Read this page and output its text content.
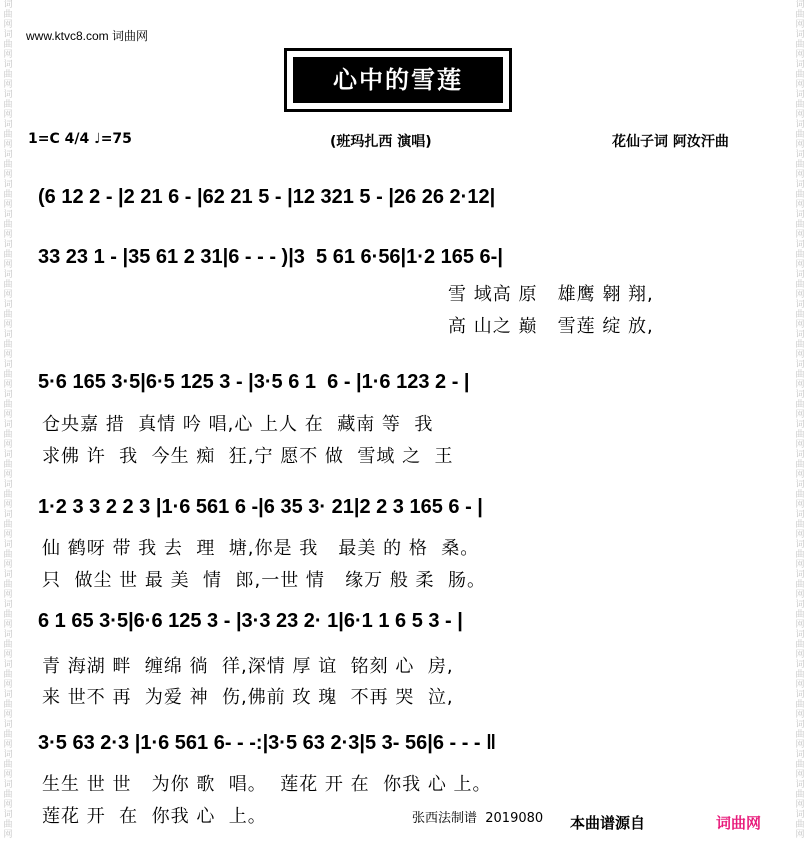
词
曲
网
词
曲
网
词
曲
网
词
曲
网
词
曲
网
词
曲
网
词
曲
网
词
曲
网
词
曲
网
词
曲
网
词
曲
网
词
曲
网
词
曲
网
词
曲
网
词
曲
网
词
曲
网
词
曲
网
词
曲
网
词
曲
网
词
曲
网
词
曲
网
词
曲
网
词
曲
网
词
曲
网
词
曲
网
词
曲
网
词
曲
网
词
曲
网

词
曲
网
词
曲
网
词
曲
网
词
曲
网
词
曲
网
词
曲
网
词
曲
网
词
曲
网
词
曲
网
词
曲
网
词
曲
网
词
曲
网
词
曲
网
词
曲
网
词
曲
网
词
曲
网
词
曲
网
词
曲
网
词
曲
网
词
曲
网
词
曲
网
词
曲
网
词
曲
网
词
曲
网
词
曲
网
词
曲
网
词
曲
网
词
曲
网

www.ktvc8.com 词曲网
心中的雪莲
1=C 4/4 ♩=75	(班玛扎西 演唱)	花仙子词 阿汝汗曲
(6 12 2 - |2 21 6 - |62 21 5 - |12 321 5 - |26 26 2·12|
33 23 1 - |35 61 2 31|6 - - - )|3  5 61 6·56|1·2 165 6-|
雪 域高 原   雄鹰 翱 翔,
高 山之 巅   雪莲 绽 放,
5·6 165 3·5|6·5 125 3 - |3·5 6 1  6 - |1·6 123 2 - |
仓央嘉 措  真情 吟 唱,心 上人 在  藏南 等  我
求佛 许  我  今生 痴  狂,宁 愿不 做  雪域 之  王
1·2 3 3 2 2 3 |1·6 561 6 -|6 35 3· 21|2 2 3 165 6 - |
仙 鹤呀 带 我 去  理  塘,你是 我   最美 的 格  桑。
只  做尘 世 最 美  情  郎,一世 情   缘万 般 柔  肠。
6 1 65 3·5|6·6 125 3 - |3·3 23 2· 1|6·1 1 6 5 3 - |
青 海湖 畔  缠绵 徜  徉,深情 厚 谊  铭刻 心  房,
来 世不 再  为爱 神  伤,佛前 玫 瑰  不再 哭  泣,
3·5 63 2·3 |1·6 561 6- - -:|3·5 63 2·3|5 3- 56|6 - - - ‖
生生 世 世   为你 歌  唱。  莲花 开 在  你我 心 上。
莲花 开  在  你我 心  上。	张西法制谱  2019080 本曲谱源自	词曲网
